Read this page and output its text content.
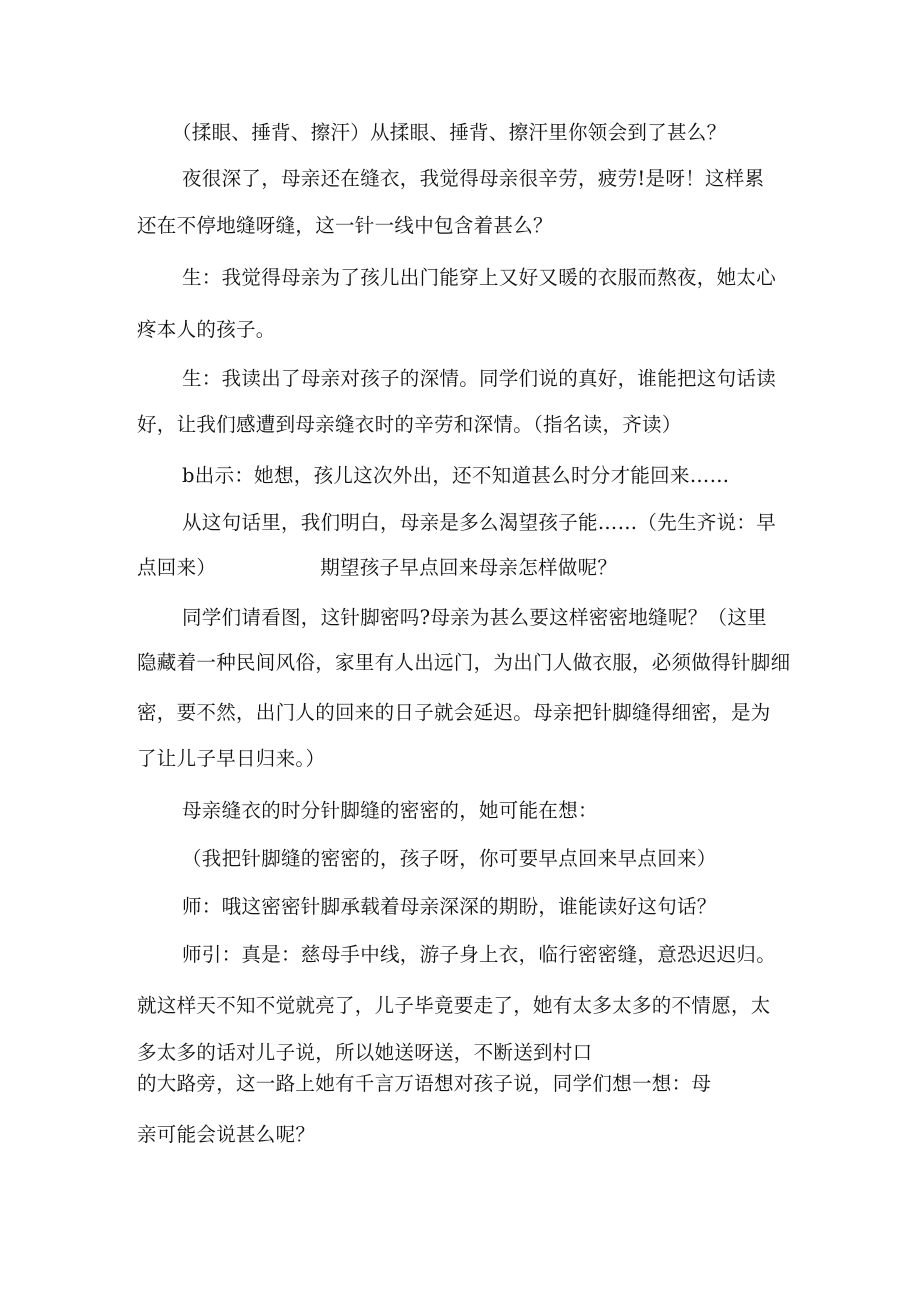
（揉眼、捶背、擦汗）从揉眼、捶背、擦汗里你领会到了甚么？
夜很深了，母亲还在缝衣，我觉得母亲很辛劳，疲劳!是呀！这样累
还在不停地缝呀缝，这一针一线中包含着甚么？
生：我觉得母亲为了孩儿出门能穿上又好又暖的衣服而熬夜，她太心
疼本人的孩子。
生：我读出了母亲对孩子的深情。同学们说的真好，谁能把这句话读
好，让我们感遭到母亲缝衣时的辛劳和深情。（指名读，齐读）
b出示：她想，孩儿这次外出，还不知道甚么时分才能回来……
从这句话里，我们明白，母亲是多么渴望孩子能……（先生齐说：早
点回来）	期望孩子早点回来母亲怎样做呢？
同学们请看图，这针脚密吗?母亲为甚么要这样密密地缝呢？（这里
隐藏着一种民间风俗，家里有人出远门，为出门人做衣服，必须做得针脚细
密，要不然，出门人的回来的日子就会延迟。母亲把针脚缝得细密，是为
了让儿子早日归来。）
母亲缝衣的时分针脚缝的密密的，她可能在想：
（我把针脚缝的密密的，孩子呀，你可要早点回来早点回来）
师：哦这密密针脚承载着母亲深深的期盼，谁能读好这句话？
师引：真是：慈母手中线，游子身上衣，临行密密缝，意恐迟迟归。
就这样天不知不觉就亮了，儿子毕竟要走了，她有太多太多的不情愿，太
多太多的话对儿子说，所以她送呀送，不断送到村口
的大路旁，这一路上她有千言万语想对孩子说，同学们想一想：母
亲可能会说甚么呢？
